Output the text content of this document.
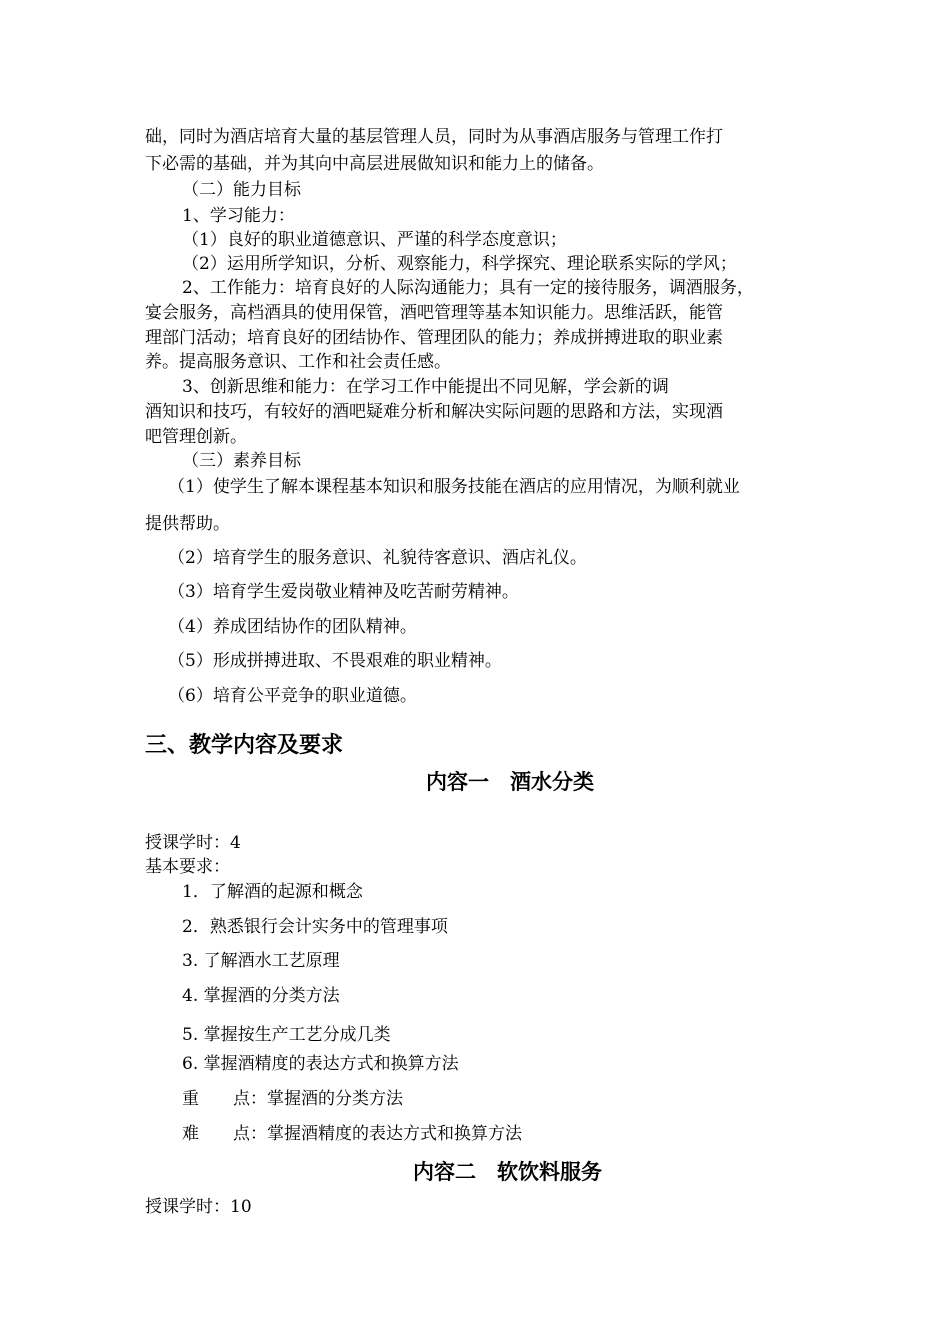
础，同时为酒店培育大量的基层管理人员，同时为从事酒店服务与管理工作打
下必需的基础，并为其向中高层进展做知识和能力上的储备。
（二）能力目标
1、学习能力：
（1）良好的职业道德意识、严谨的科学态度意识；
（2）运用所学知识，分析、观察能力，科学探究、理论联系实际的学风；
2、工作能力：培育良好的人际沟通能力；具有一定的接待服务，调酒服务，
宴会服务，高档酒具的使用保管，酒吧管理等基本知识能力。思维活跃，能管
理部门活动；培育良好的团结协作、管理团队的能力；养成拼搏进取的职业素
养。提高服务意识、工作和社会责任感。
3、创新思维和能力：在学习工作中能提出不同见解，学会新的调
酒知识和技巧，有较好的酒吧疑难分析和解决实际问题的思路和方法，实现酒
吧管理创新。
（三）素养目标
（1）使学生了解本课程基本知识和服务技能在酒店的应用情况，为顺利就业
提供帮助。
（2）培育学生的服务意识、礼貌待客意识、酒店礼仪。
（3）培育学生爱岗敬业精神及吃苦耐劳精神。
（4）养成团结协作的团队精神。
（5）形成拼搏进取、不畏艰难的职业精神。
（6）培育公平竞争的职业道德。
三、教学内容及要求
内容一　酒水分类
授课学时：4
基本要求：
1．了解酒的起源和概念
2．熟悉银行会计实务中的管理事项
3. 了解酒水工艺原理
4. 掌握酒的分类方法
5. 掌握按生产工艺分成几类
6. 掌握酒精度的表达方式和换算方法
重　　点：掌握酒的分类方法
难　　点：掌握酒精度的表达方式和换算方法
内容二　软饮料服务
授课学时：10
